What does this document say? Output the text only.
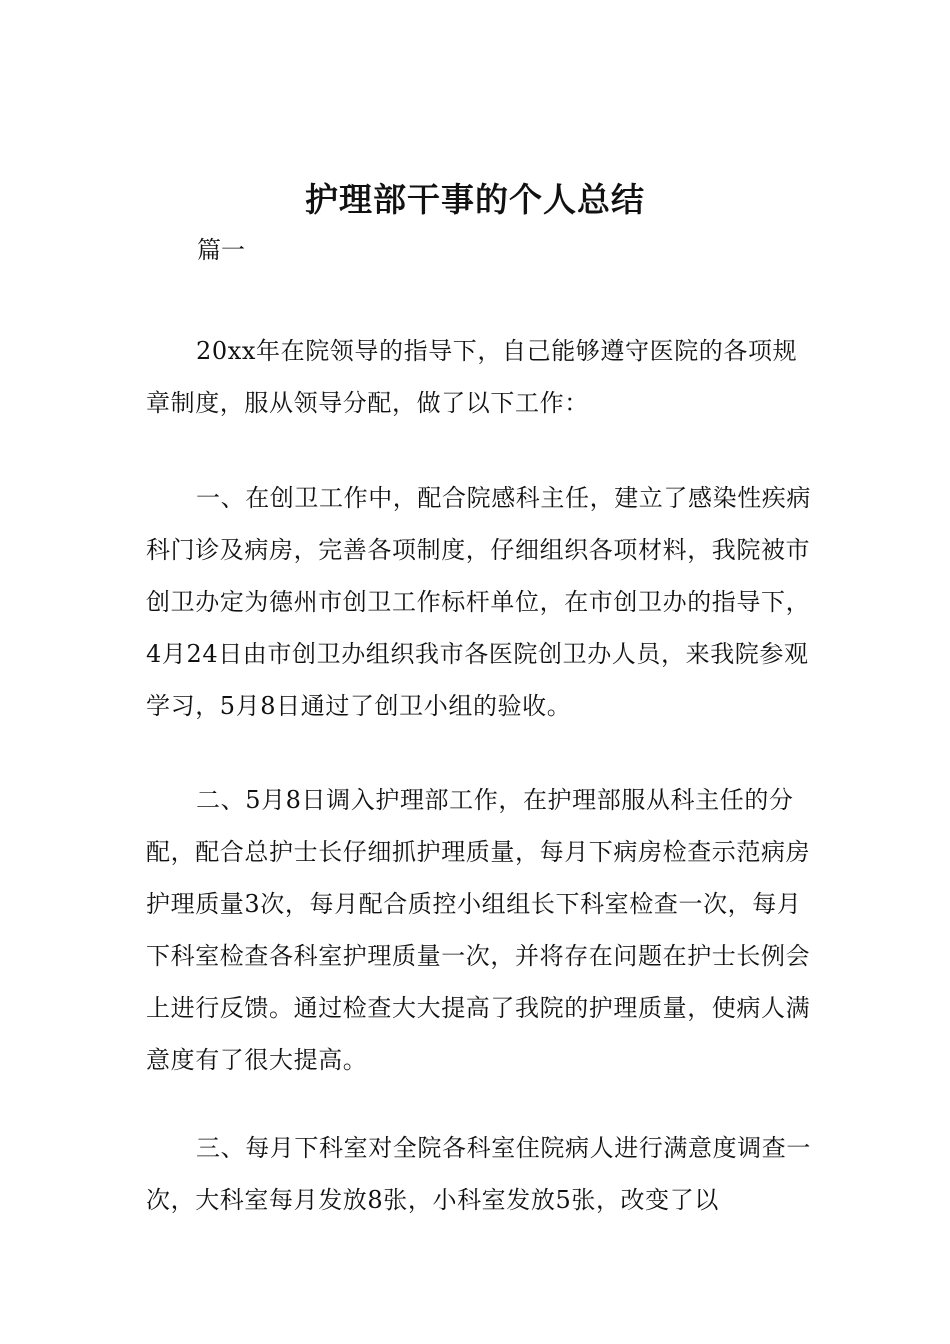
护理部干事的个人总结

篇一

20xx年在院领导的指导下，自己能够遵守医院的各项规章制度，服从领导分配，做了以下工作：

一、在创卫工作中，配合院感科主任，建立了感染性疾病科门诊及病房，完善各项制度，仔细组织各项材料，我院被市创卫办定为德州市创卫工作标杆单位，在市创卫办的指导下，4月24日由市创卫办组织我市各医院创卫办人员，来我院参观学习，5月8日通过了创卫小组的验收。

二、5月8日调入护理部工作，在护理部服从科主任的分配，配合总护士长仔细抓护理质量，每月下病房检查示范病房护理质量3次，每月配合质控小组组长下科室检查一次，每月下科室检查各科室护理质量一次，并将存在问题在护士长例会上进行反馈。通过检查大大提高了我院的护理质量，使病人满意度有了很大提高。

三、每月下科室对全院各科室住院病人进行满意度调查一次，大科室每月发放8张，小科室发放5张，改变了以
